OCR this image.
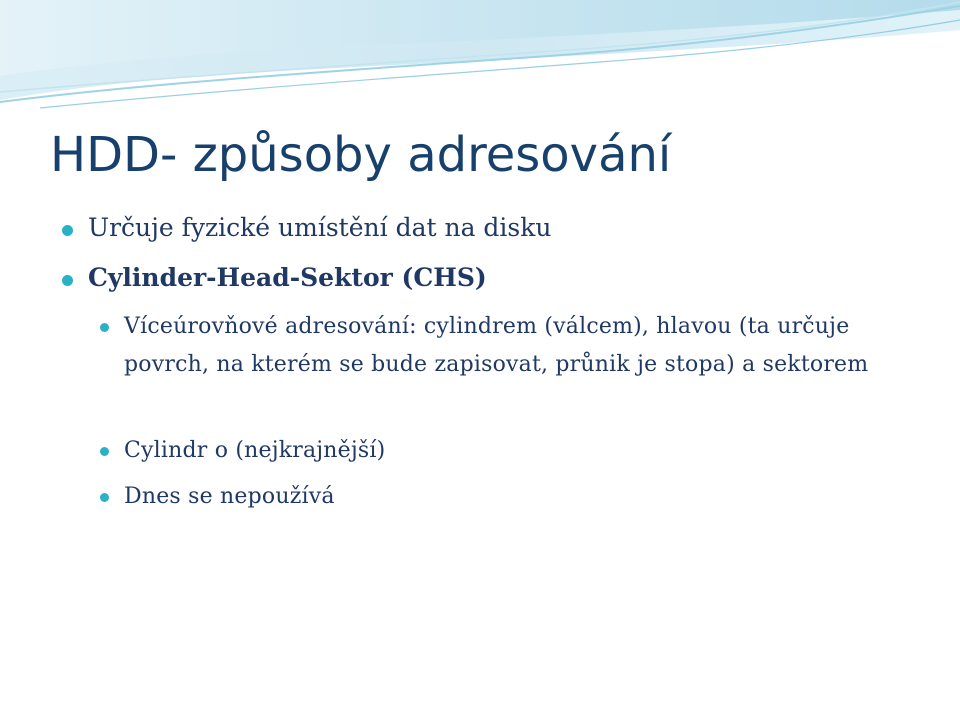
HDD- způsoby adresování
Určuje fyzické umístění dat na disku
Cylinder-Head-Sektor (CHS)
Víceúrovňové adresování: cylindrem (válcem), hlavou (ta určuje povrch, na kterém se bude zapisovat, průnik je stopa) a sektorem
Cylindr o (nejkrajnější)
Dnes se nepoužívá
